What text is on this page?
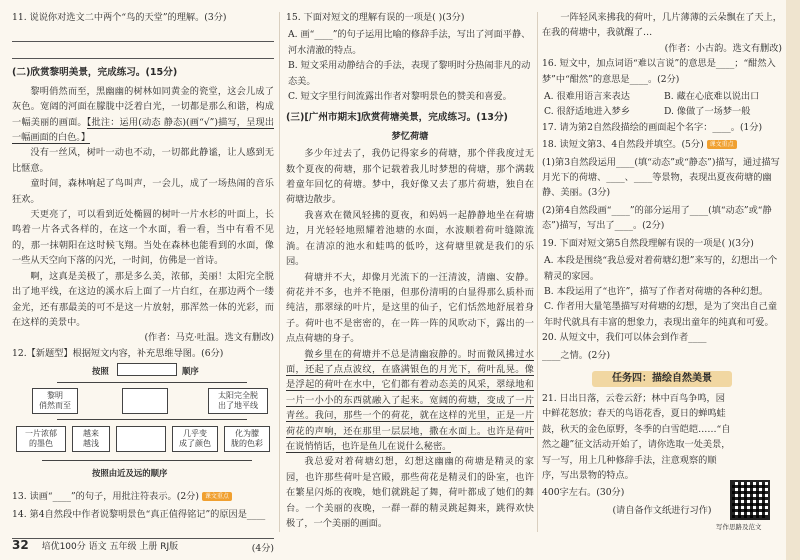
11. 说说你对选文二中两个“鸟的天堂”的理解。(3分)
(二)欣赏黎明美景，完成练习。(15分)
黎明俏然而至，黑幽幽的树林如同黄金的瓷堂，这会儿成了灰色。宽阔的河面在朦胧中泛着白光，一切都是那么和谐，构成一幅美丽的画面。【批注：运用(动态 静态)(画“√”)描写，呈现出一幅画面的白色。】
没有一丝风，树叶一动也不动，一切都此静谧，让人感到无比惬意。
童时间，森林响起了鸟叫声，一会儿，成了一场热闹的音乐狂欢。
天更亮了，可以看到近处椭圆的树叶一片水杉的叶面上，长鸣着一片各式各样的，在这一个水面，看一看，当中有看不见的，那一抹朝阳在这时候飞翔。当处在森林也能看到的水面，像一些从天空向下落的闪光，一时间，仿佛是一首诗。
啊，这真是美极了，那是多么美，浓郁，美丽！太阳完全脱出了地平线，在这边的溪水后上面了一片白红，在那边两个一缕金光，还有那最美的可不是这一片放射，那浑然一体的光彩，而在这样的美景中。
(作者：马克·吐温。选文有删改)
12.【新题型】根据短文内容，补充思维导图。(6分)
按照	顺序
黎明
俏然而至
太阳完全脱
出了地平线
一片浓郁
的墨色
越来
越浅
几乎变
成了颜色
化为朦
胧的色彩
按照由近及远的顺序
13. 读画“____”的句子，用批注符表示。(2分) 课文重点
14. 第4自然段中作者说黎明景色“真正值得铭记”的原因是____
(4分)
15. 下面对短文的理解有误的一项是( )(3分)
A. 画“____”的句子运用比喻的修辞手法，写出了河面平静、河水清澈的特点。
B. 短文采用动静结合的手法，表现了黎明时分热闹非凡的动态美。
C. 短文字里行间流露出作者对黎明景色的赞美和喜爱。
(三)[广州市期末]欣赏荷塘美景，完成练习。(13分)
梦忆荷塘
多少年过去了，我仍记得家乡的荷塘，那个伴我度过无数个夏夜的荷塘，那个记载着我儿时梦想的荷塘，那个满载着童年回忆的荷塘。梦中，我好像又去了那片荷塘，独自在荷塘边散步。
我喜欢在微风轻拂的夏夜，和妈妈一起静静地坐在荷塘边，月光轻轻地照耀着池塘的水面，水波顺着荷叶缝隙流淌。在清凉的池水和蛙鸣的低吟，这荷塘里就是我们的乐园。
荷塘并不大，却像月光流下的一汪清波，清幽、安静。荷花并不多，也并不艳丽，但那份清明的白显得那么质朴而纯洁，那翠绿的叶片，是这里的仙子，它们恬然地舒展着身子。荷叶也不是密密的，在一阵一阵的风吹动下，露出的一点点荷塘的身子。
微乡里在的荷塘并不总是清幽寂静的。时而微风拂过水面，还起了点点波纹，在盛满银色的月光下，荷叶乱晃。像是浮起的荷叶在水中，它们都有着动态美的风采，翠绿地和一片一小小的东西就融入了起来。宽阔的荷塘，变成了一片青丝。我问，那些一个的荷花，就在这样的光里，正是一片荷花的声响，还在那里一层层地，撒在水面上。也许是荷叶在说悄悄话，也许是鱼儿在说什么秘密。
我总爱对着荷塘幻想，幻想这幽幽的荷塘是精灵的家园，也许那些荷叶是宫殿，那些荷花是精灵们的卧室，也许在繁星闪烁的夜晚，她们就跳起了舞，荷叶都成了她们的舞台。一个美丽的夜晚，一群一群的精灵跳起舞来，跳得欢快极了，一个美丽的画面。
一阵轻风来拂我的荷叶，几片薄薄的云朵飘在了天上，在我的荷塘中，我就醒了…
(作者：小古韵。选文有删改)
16. 短文中，加点词语“难以言说”的意思是____；“酣然入梦”中“酣然”的意思是____。(2分)
A. 很难用语言来表达	B. 藏在心底难以说出口
C. 很舒适地进入梦乡	D. 像做了一场梦一般
17. 请为第2自然段描绘的画面起个名字：____。(1分)
18. 读短文第3、4自然段并填空。(5分) 课文重点
(1)第3自然段运用____(填“动态”或“静态”)描写，通过描写月光下的荷塘、____、____等景物，表现出夏夜荷塘的幽静、美丽。(3分)
(2)第4自然段画“____”的部分运用了____(填“动态”或“静态”)描写，写出了____。(2分)
19. 下面对短文第5自然段理解有误的一项是( )(3分)
A. 本段是围绕“我总爱对着荷塘幻想”来写的，幻想出一个精灵的家园。
B. 本段运用了“也许”，描写了作者对荷塘的各种幻想。
C. 作者用大量笔墨描写对荷塘的幻想，是为了突出自己童年时代就具有丰富的想象力，表现出童年的纯真和可爱。
20. 从短文中，我们可以体会到作者____
____之情。(2分)
任务四：描绘自然美景
21. 日出日落，云卷云舒；林中百鸟争鸣，园中鲜花怒放；春天的鸟语花香，夏日的蝉鸣蛙鼓，秋天的金色原野，冬季的白雪皑皑……“自然之趣”征文活动开始了，请你选取一处美景，写一写，用上几种修辞手法，注意观察的顺序，写出景物的特点。
400字左右。(30分)
(请自备作文纸进行习作)
写作思路及范文
32 培优100分 语文 五年级 上册 RJ版
